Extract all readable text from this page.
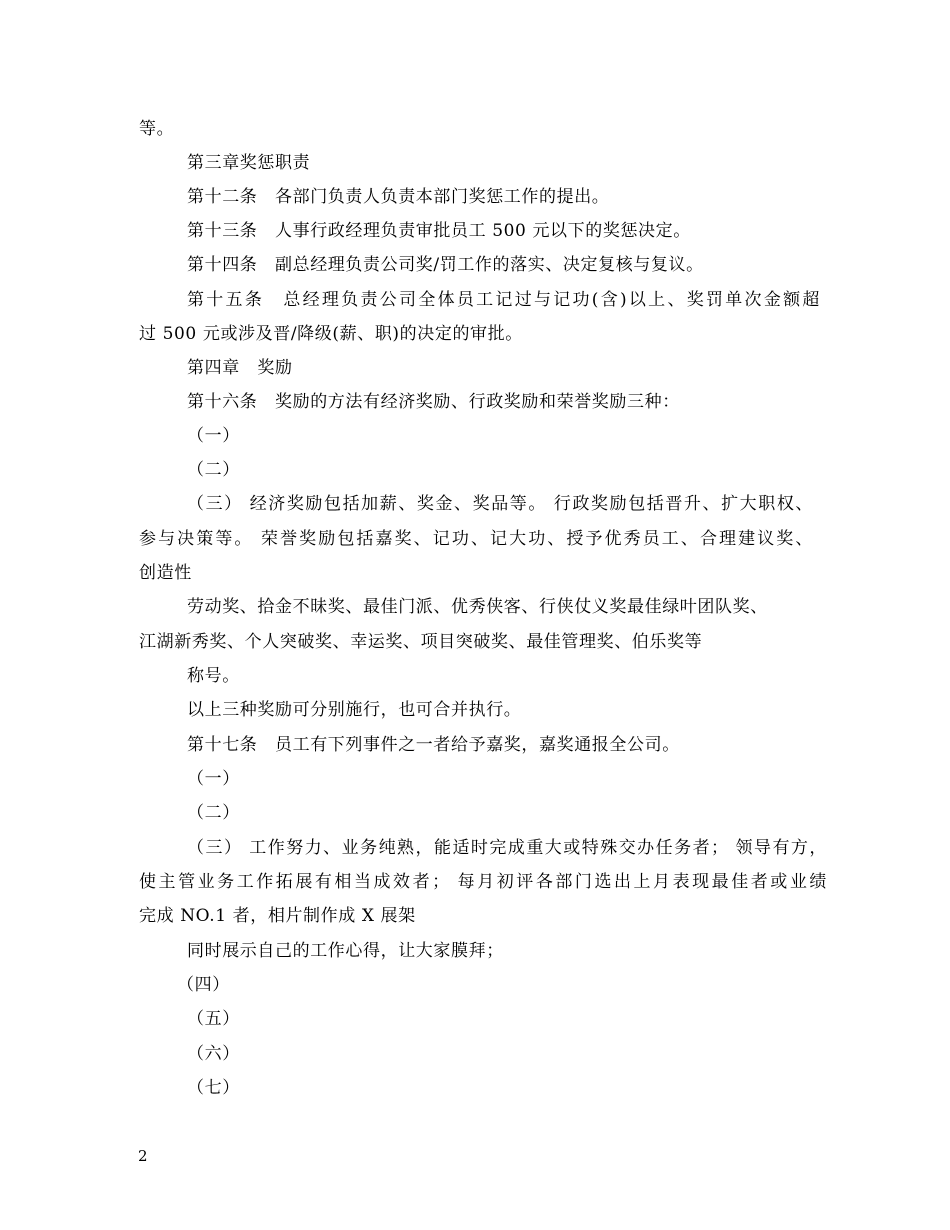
等。
第三章奖惩职责
第十二条　各部门负责人负责本部门奖惩工作的提出。
第十三条　人事行政经理负责审批员工 500 元以下的奖惩决定。
第十四条　副总经理负责公司奖/罚工作的落实、决定复核与复议。
第十五条　总经理负责公司全体员工记过与记功(含)以上、奖罚单次金额超
过 500 元或涉及晋/降级(薪、职)的决定的审批。
第四章　奖励
第十六条　奖励的方法有经济奖励、行政奖励和荣誉奖励三种：
（一）
（二）
（三） 经济奖励包括加薪、奖金、奖品等。 行政奖励包括晋升、扩大职权、
参与决策等。 荣誉奖励包括嘉奖、记功、记大功、授予优秀员工、合理建议奖、
创造性
劳动奖、拾金不昧奖、最佳门派、优秀侠客、行侠仗义奖最佳绿叶团队奖、
江湖新秀奖、个人突破奖、幸运奖、项目突破奖、最佳管理奖、伯乐奖等
称号。
以上三种奖励可分别施行，也可合并执行。
第十七条　员工有下列事件之一者给予嘉奖，嘉奖通报全公司。
（一）
（二）
（三） 工作努力、业务纯熟，能适时完成重大或特殊交办任务者； 领导有方，
使主管业务工作拓展有相当成效者； 每月初评各部门选出上月表现最佳者或业绩
完成 NO.1 者，相片制作成 X 展架
同时展示自己的工作心得，让大家膜拜；
（四）
（五）
（六）
（七）
2
